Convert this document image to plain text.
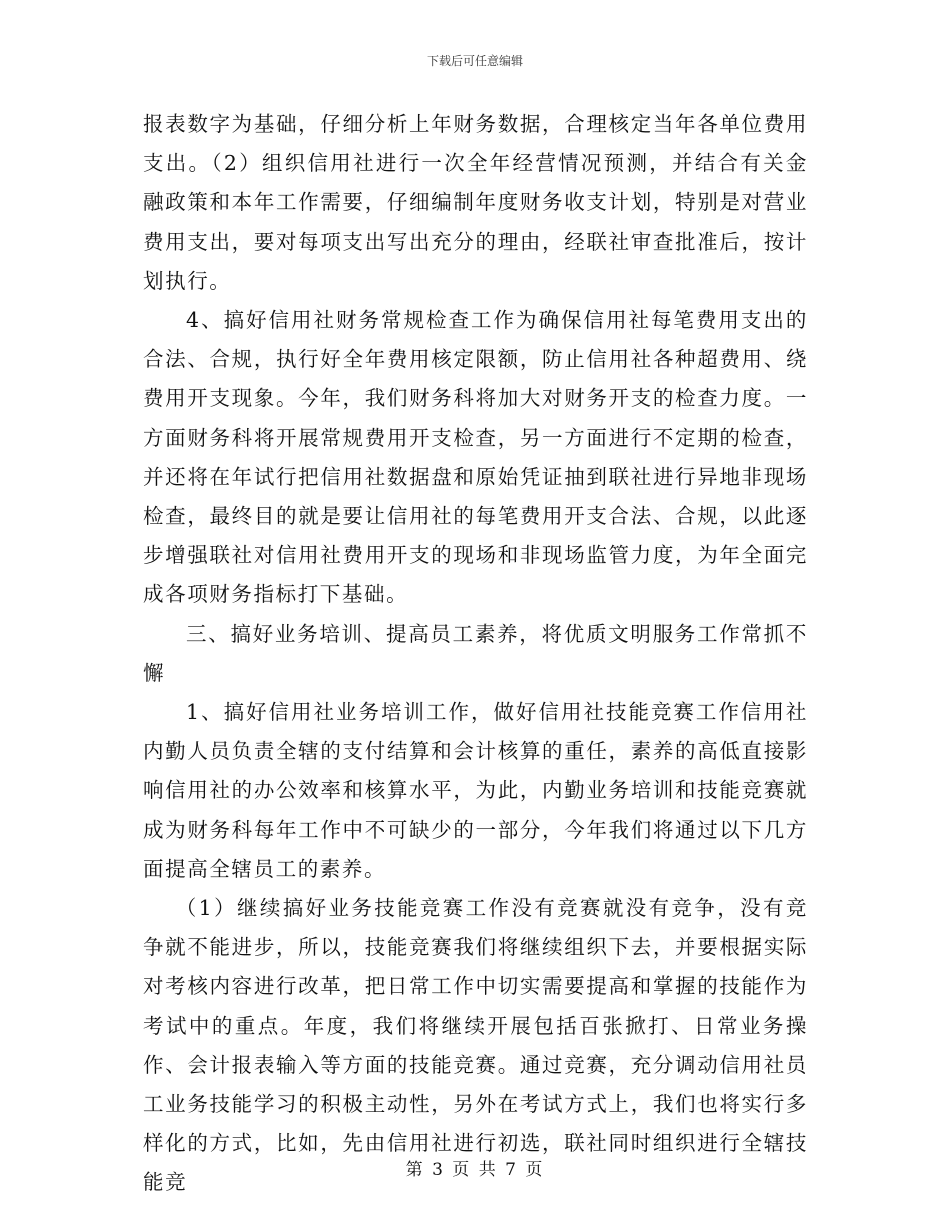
下载后可任意编辑

报表数字为基础，仔细分析上年财务数据，合理核定当年各单位费用支出。（2）组织信用社进行一次全年经营情况预测，并结合有关金融政策和本年工作需要，仔细编制年度财务收支计划，特别是对营业费用支出，要对每项支出写出充分的理由，经联社审查批准后，按计划执行。

4、搞好信用社财务常规检查工作为确保信用社每笔费用支出的合法、合规，执行好全年费用核定限额，防止信用社各种超费用、绕费用开支现象。今年，我们财务科将加大对财务开支的检查力度。一方面财务科将开展常规费用开支检查，另一方面进行不定期的检查，并还将在年试行把信用社数据盘和原始凭证抽到联社进行异地非现场检查，最终目的就是要让信用社的每笔费用开支合法、合规，以此逐步增强联社对信用社费用开支的现场和非现场监管力度，为年全面完成各项财务指标打下基础。

三、搞好业务培训、提高员工素养，将优质文明服务工作常抓不懈

1、搞好信用社业务培训工作，做好信用社技能竞赛工作信用社内勤人员负责全辖的支付结算和会计核算的重任，素养的高低直接影响信用社的办公效率和核算水平，为此，内勤业务培训和技能竞赛就成为财务科每年工作中不可缺少的一部分，今年我们将通过以下几方面提高全辖员工的素养。

（1）继续搞好业务技能竞赛工作没有竞赛就没有竞争，没有竞争就不能进步，所以，技能竞赛我们将继续组织下去，并要根据实际对考核内容进行改革，把日常工作中切实需要提高和掌握的技能作为考试中的重点。年度，我们将继续开展包括百张掀打、日常业务操作、会计报表输入等方面的技能竞赛。通过竞赛，充分调动信用社员工业务技能学习的积极主动性，另外在考试方式上，我们也将实行多样化的方式，比如，先由信用社进行初选，联社同时组织进行全辖技能竞

第 3 页 共 7 页
